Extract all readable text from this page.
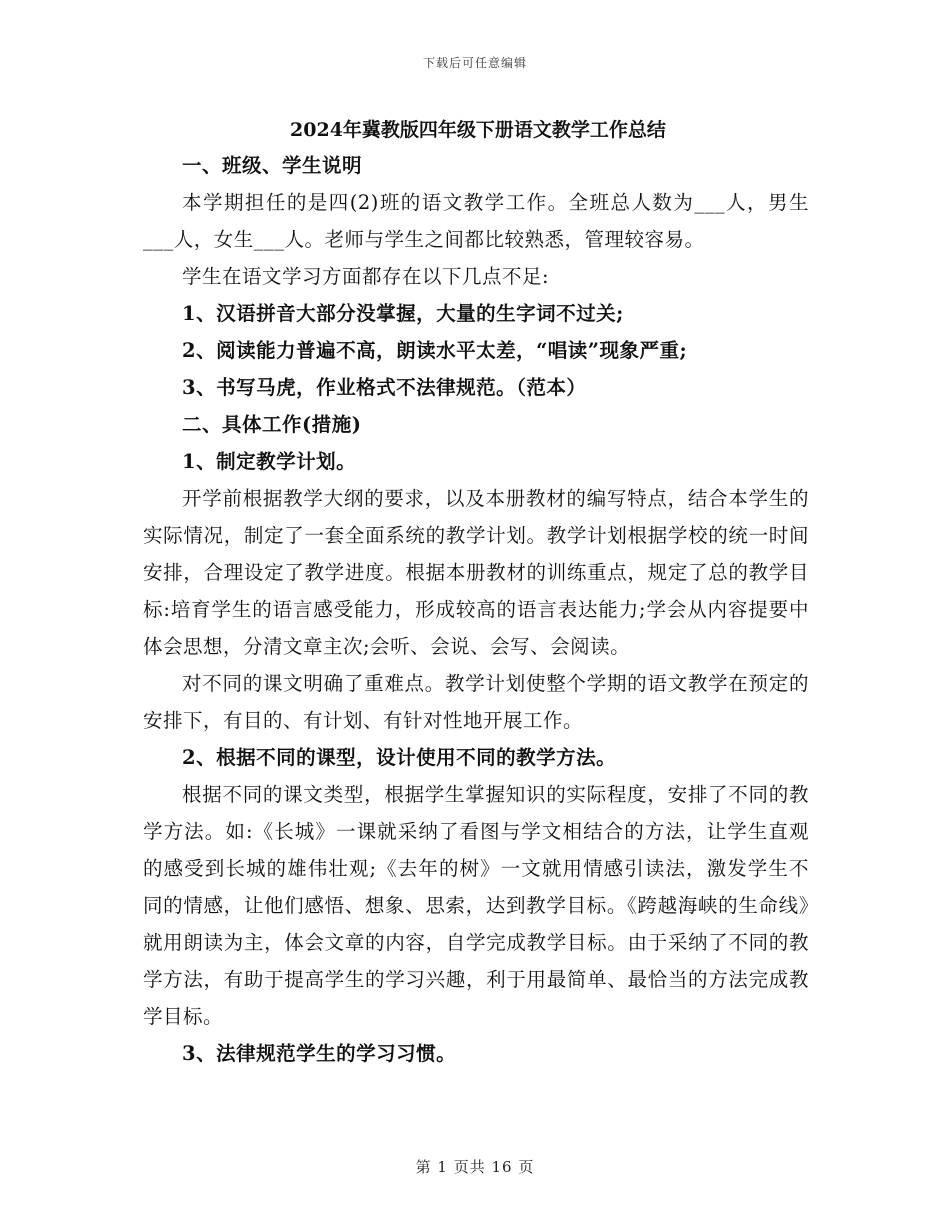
下载后可任意编辑
2024年冀教版四年级下册语文教学工作总结

一、班级、学生说明

本学期担任的是四(2)班的语文教学工作。全班总人数为___人，男生___人，女生___人。老师与学生之间都比较熟悉，管理较容易。

学生在语文学习方面都存在以下几点不足:

1、汉语拼音大部分没掌握，大量的生字词不过关;

2、阅读能力普遍不高，朗读水平太差，“唱读”现象严重;

3、书写马虎，作业格式不法律规范。（范本）

二、具体工作(措施)

1、制定教学计划。

开学前根据教学大纲的要求，以及本册教材的编写特点，结合本学生的实际情况，制定了一套全面系统的教学计划。教学计划根据学校的统一时间安排，合理设定了教学进度。根据本册教材的训练重点，规定了总的教学目标:培育学生的语言感受能力，形成较高的语言表达能力;学会从内容提要中体会思想，分清文章主次;会听、会说、会写、会阅读。

对不同的课文明确了重难点。教学计划使整个学期的语文教学在预定的安排下，有目的、有计划、有针对性地开展工作。

2、根据不同的课型，设计使用不同的教学方法。

根据不同的课文类型，根据学生掌握知识的实际程度，安排了不同的教学方法。如:《长城》一课就采纳了看图与学文相结合的方法，让学生直观的感受到长城的雄伟壮观;《去年的树》一文就用情感引读法，激发学生不同的情感，让他们感悟、想象、思索，达到教学目标。《跨越海峡的生命线》就用朗读为主，体会文章的内容，自学完成教学目标。由于采纳了不同的教学方法，有助于提高学生的学习兴趣，利于用最简单、最恰当的方法完成教学目标。

3、法律规范学生的学习习惯。

第 1 页共 16 页
